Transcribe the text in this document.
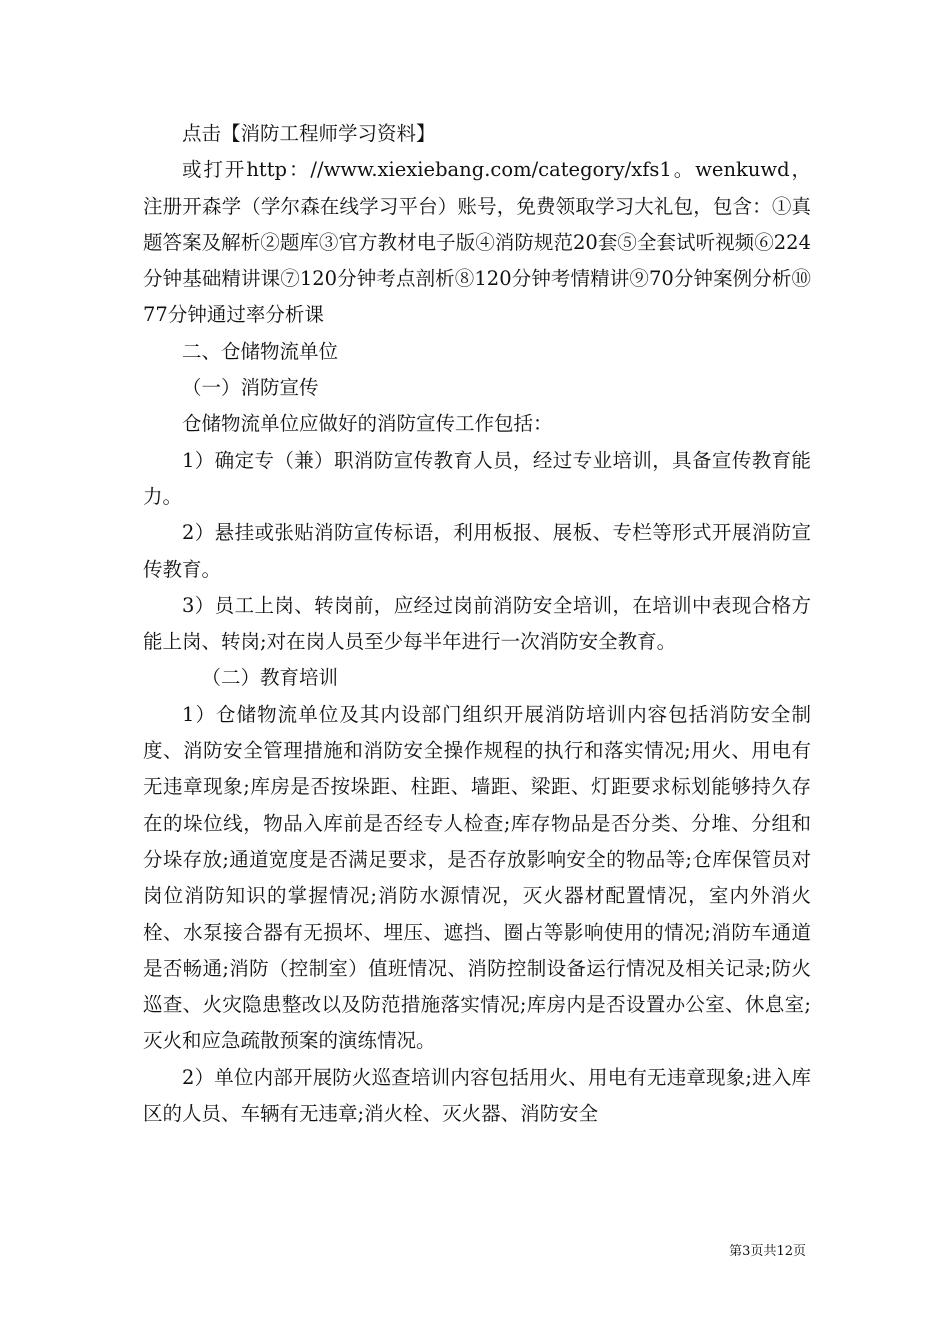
点击【消防工程师学习资料】

或打开http：//www.xiexiebang.com/category/xfs1。wenkuwd，注册开森学（学尔森在线学习平台）账号，免费领取学习大礼包，包含：①真题答案及解析②题库③官方教材电子版④消防规范20套⑤全套试听视频⑥224分钟基础精讲课⑦120分钟考点剖析⑧120分钟考情精讲⑨70分钟案例分析⑩77分钟通过率分析课

二、仓储物流单位

（一）消防宣传

仓储物流单位应做好的消防宣传工作包括：

1）确定专（兼）职消防宣传教育人员，经过专业培训，具备宣传教育能力。

2）悬挂或张贴消防宣传标语，利用板报、展板、专栏等形式开展消防宣传教育。

3）员工上岗、转岗前，应经过岗前消防安全培训，在培训中表现合格方能上岗、转岗;对在岗人员至少每半年进行一次消防安全教育。

（二）教育培训

1）仓储物流单位及其内设部门组织开展消防培训内容包括消防安全制度、消防安全管理措施和消防安全操作规程的执行和落实情况;用火、用电有无违章现象;库房是否按垛距、柱距、墙距、梁距、灯距要求标划能够持久存在的垛位线，物品入库前是否经专人检查;库存物品是否分类、分堆、分组和分垛存放;通道宽度是否满足要求，是否存放影响安全的物品等;仓库保管员对岗位消防知识的掌握情况;消防水源情况，灭火器材配置情况，室内外消火栓、水泵接合器有无损坏、埋压、遮挡、圈占等影响使用的情况;消防车通道是否畅通;消防（控制室）值班情况、消防控制设备运行情况及相关记录;防火巡查、火灾隐患整改以及防范措施落实情况;库房内是否设置办公室、休息室;灭火和应急疏散预案的演练情况。

2）单位内部开展防火巡查培训内容包括用火、用电有无违章现象;进入库区的人员、车辆有无违章;消火栓、灭火器、消防安全

第3页共12页
